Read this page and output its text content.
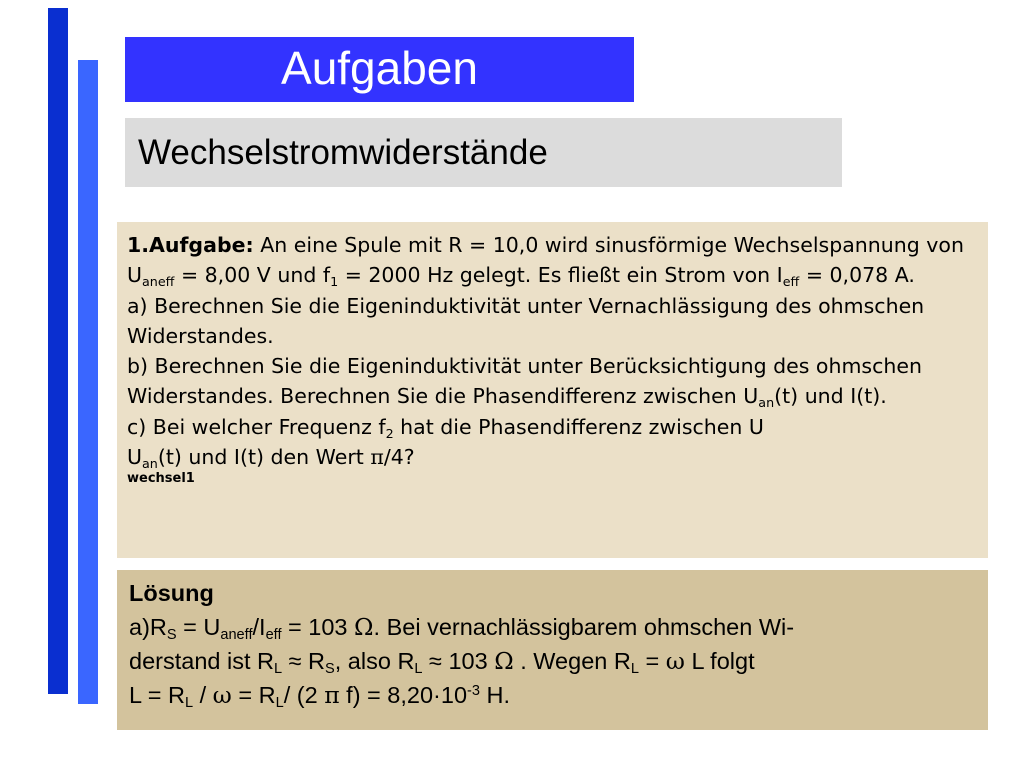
Aufgaben
Wechselstromwiderstände

1.Aufgabe: An eine Spule mit R = 10,0 wird sinusförmige Wechselspannung von $U_{aneff} = 8,00$ V und $f_1 = 2000$ Hz gelegt. Es fließt ein Strom von $I_{eff} = 0,078$ A.

a) Berechnen Sie die Eigeninduktivität unter Vernachlässigung des ohmschen Widerstandes.

b) Berechnen Sie die Eigeninduktivität unter Berücksichtigung des ohmschen Widerstandes. Berechnen Sie die Phasendifferenz zwischen $U_{an}(t)$ und I(t).

c) Bei welcher Frequenz $f_2$ hat die Phasendifferenz zwischen U
$U_{an}(t)$ und I(t) den Wert π/4?

wechsel1

Lösung

$a)R_S = U_{aneff}/I_{eff} = 103$ Ω. Bei vernachlässigbarem ohmschen Wi-

derstand ist $R_L \approx R_S$, also $R_L \approx 103$ Ω . Wegen $R_L = \omega$ L folgt

$L = R_L / \omega = R_L/$ (2 π $f) = 8,20\cdot 10^{-3}$ H.
